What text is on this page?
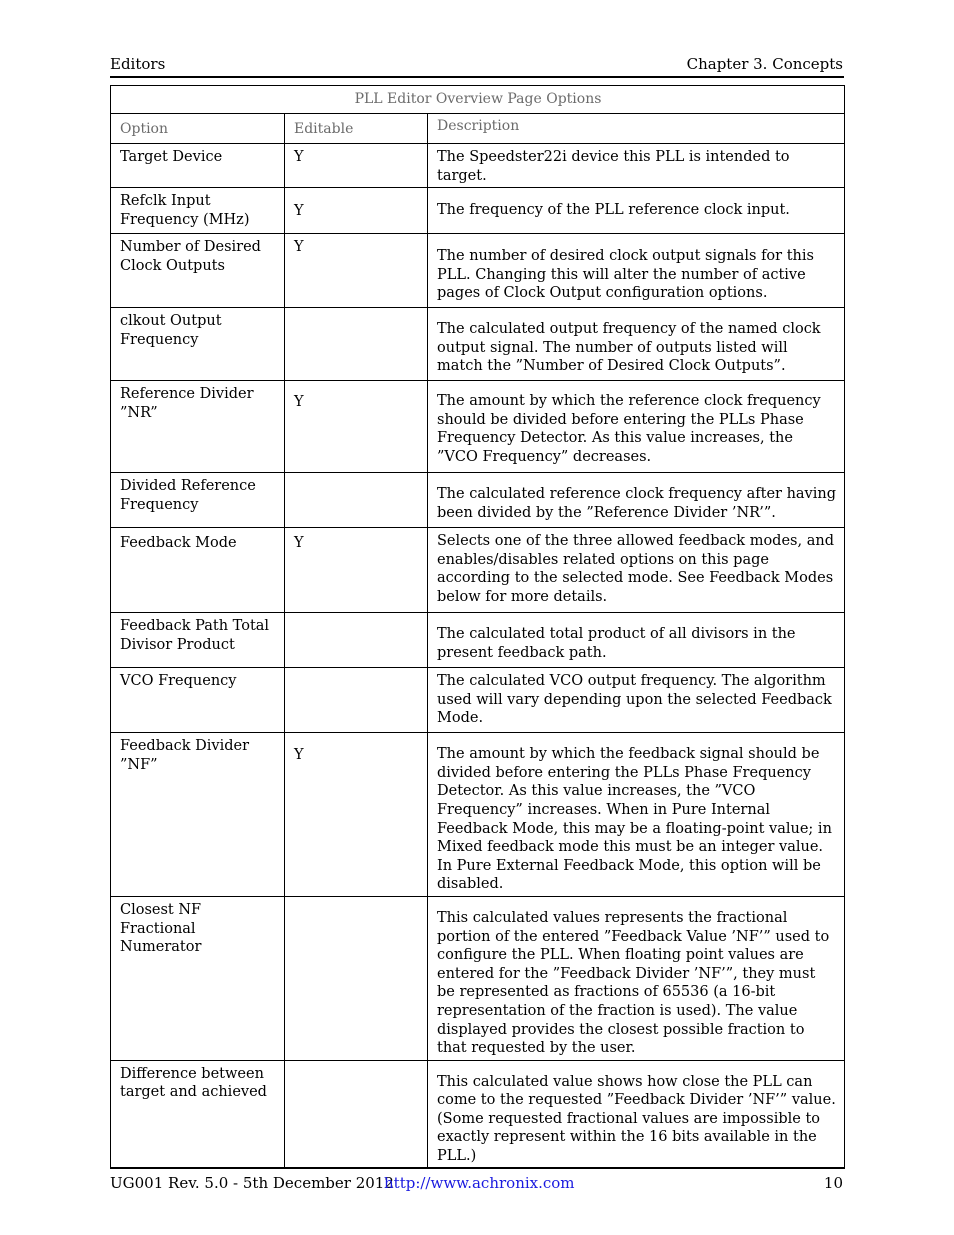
Editors	Chapter 3. Concepts
PLL Editor Overview Page Options		
Option	Editable	Description
Target Device	Y	The Speedster22i device this PLL is intended to target.
Refclk Input Frequency (MHz)	Y	The frequency of the PLL reference clock input.
Number of Desired Clock Outputs	Y	The number of desired clock output signals for this PLL. Changing this will alter the number of active pages of Clock Output configuration options.
clkout Output Frequency		The calculated output frequency of the named clock output signal. The number of outputs listed will match the ”Number of Desired Clock Outputs”.
Reference Divider ”NR”	Y	The amount by which the reference clock frequency should be divided before entering the PLLs Phase Frequency Detector. As this value increases, the ”VCO Frequency” decreases.
Divided Reference Frequency		The calculated reference clock frequency after having been divided by the ”Reference Divider ’NR’”.
Feedback Mode	Y	Selects one of the three allowed feedback modes, and enables/disables related options on this page according to the selected mode. See Feedback Modes below for more details.
Feedback Path Total Divisor Product		The calculated total product of all divisors in the present feedback path.
VCO Frequency		The calculated VCO output frequency. The algorithm used will vary depending upon the selected Feedback Mode.
Feedback Divider ”NF”	Y	The amount by which the feedback signal should be divided before entering the PLLs Phase Frequency Detector. As this value increases, the ”VCO Frequency” increases. When in Pure Internal Feedback Mode, this may be a floating-point value; in Mixed feedback mode this must be an integer value. In Pure External Feedback Mode, this option will be disabled.
Closest NF Fractional Numerator		This calculated values represents the fractional portion of the entered ”Feedback Value ’NF’” used to configure the PLL. When floating point values are entered for the ”Feedback Divider ’NF’”, they must be represented as fractions of 65536 (a 16-bit representation of the fraction is used). The value displayed provides the closest possible fraction to that requested by the user.
Difference between target and achieved		This calculated value shows how close the PLL can come to the requested ”Feedback Divider ’NF’” value. (Some requested fractional values are impossible to exactly represent within the 16 bits available in the PLL.)
UG001 Rev. 5.0 - 5th December 2012
http://www.achronix.com	10
